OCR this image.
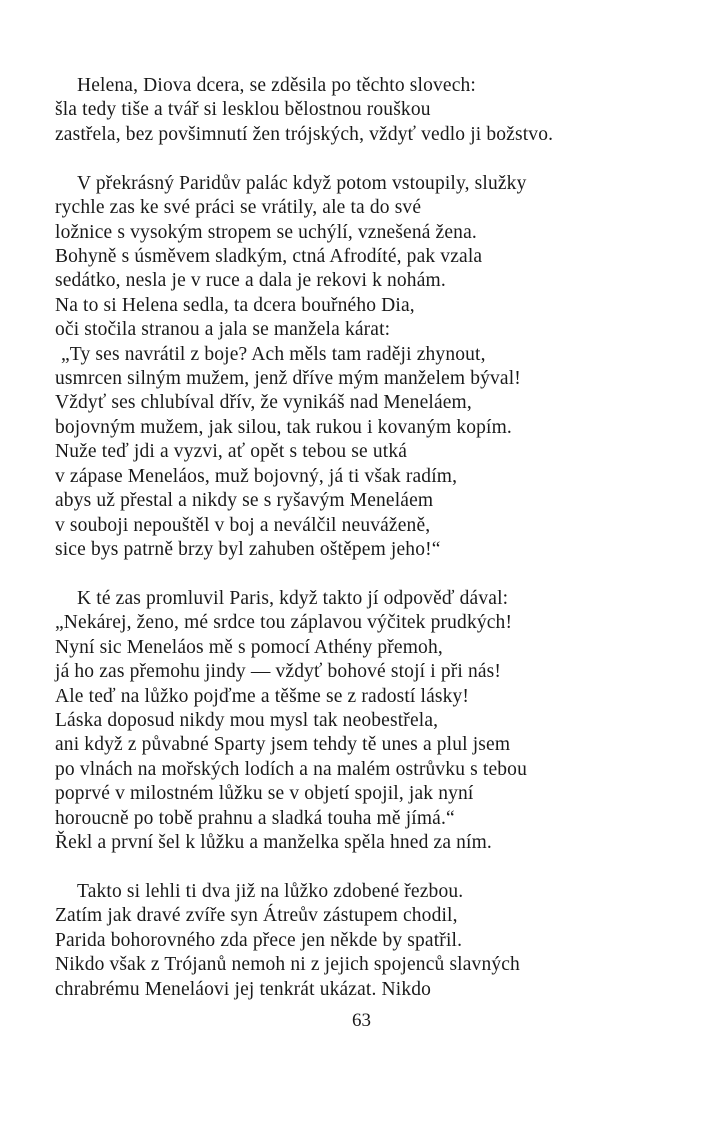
Helena, Diova dcera, se zděsila po těchto slovech:
šla tedy tiše a tvář si lesklou bělostnou rouškou
zastřela, bez povšimnutí žen trójských, vždyť vedlo ji božstvo.
V překrásný Paridův palác když potom vstoupily, služky
rychle zas ke své práci se vrátily, ale ta do své
ložnice s vysokým stropem se uchýlí, vznešená žena.
Bohyně s úsměvem sladkým, ctná Afrodíté, pak vzala
sedátko, nesla je v ruce a dala je rekovi k nohám.
Na to si Helena sedla, ta dcera bouřného Dia,
oči stočila stranou a jala se manžela kárat:
„Ty ses navrátil z boje? Ach měls tam raději zhynout,
usmrcen silným mužem, jenž dříve mým manželem býval!
Vždyť ses chlubíval dřív, že vynikáš nad Meneláem,
bojovným mužem, jak silou, tak rukou i kovaným kopím.
Nuže teď jdi a vyzvi, ať opět s tebou se utká
v zápase Meneláos, muž bojovný, já ti však radím,
abys už přestal a nikdy se s ryšavým Meneláem
v souboji nepouštěl v boj a neválčil neuváženě,
sice bys patrně brzy byl zahuben oštěpem jeho!“
K té zas promluvil Paris, když takto jí odpověď dával:
„Nekárej, ženo, mé srdce tou záplavou výčitek prudkých!
Nyní sic Meneláos mě s pomocí Athény přemoh,
já ho zas přemohu jindy — vždyť bohové stojí i při nás!
Ale teď na lůžko pojďme a těšme se z radostí lásky!
Láska doposud nikdy mou mysl tak neobestřela,
ani když z půvabné Sparty jsem tehdy tě unes a plul jsem
po vlnách na mořských lodích a na malém ostrůvku s tebou
poprvé v milostném lůžku se v objetí spojil, jak nyní
horoucně po tobě prahnu a sladká touha mě jímá.“
Řekl a první šel k lůžku a manželka spěla hned za ním.
Takto si lehli ti dva již na lůžko zdobené řezbou.
Zatím jak dravé zvíře syn Átreův zástupem chodil,
Parida bohorovného zda přece jen někde by spatřil.
Nikdo však z Trójanů nemoh ni z jejich spojenců slavných
chrabrému Meneláovi jej tenkrát ukázat. Nikdo
63
